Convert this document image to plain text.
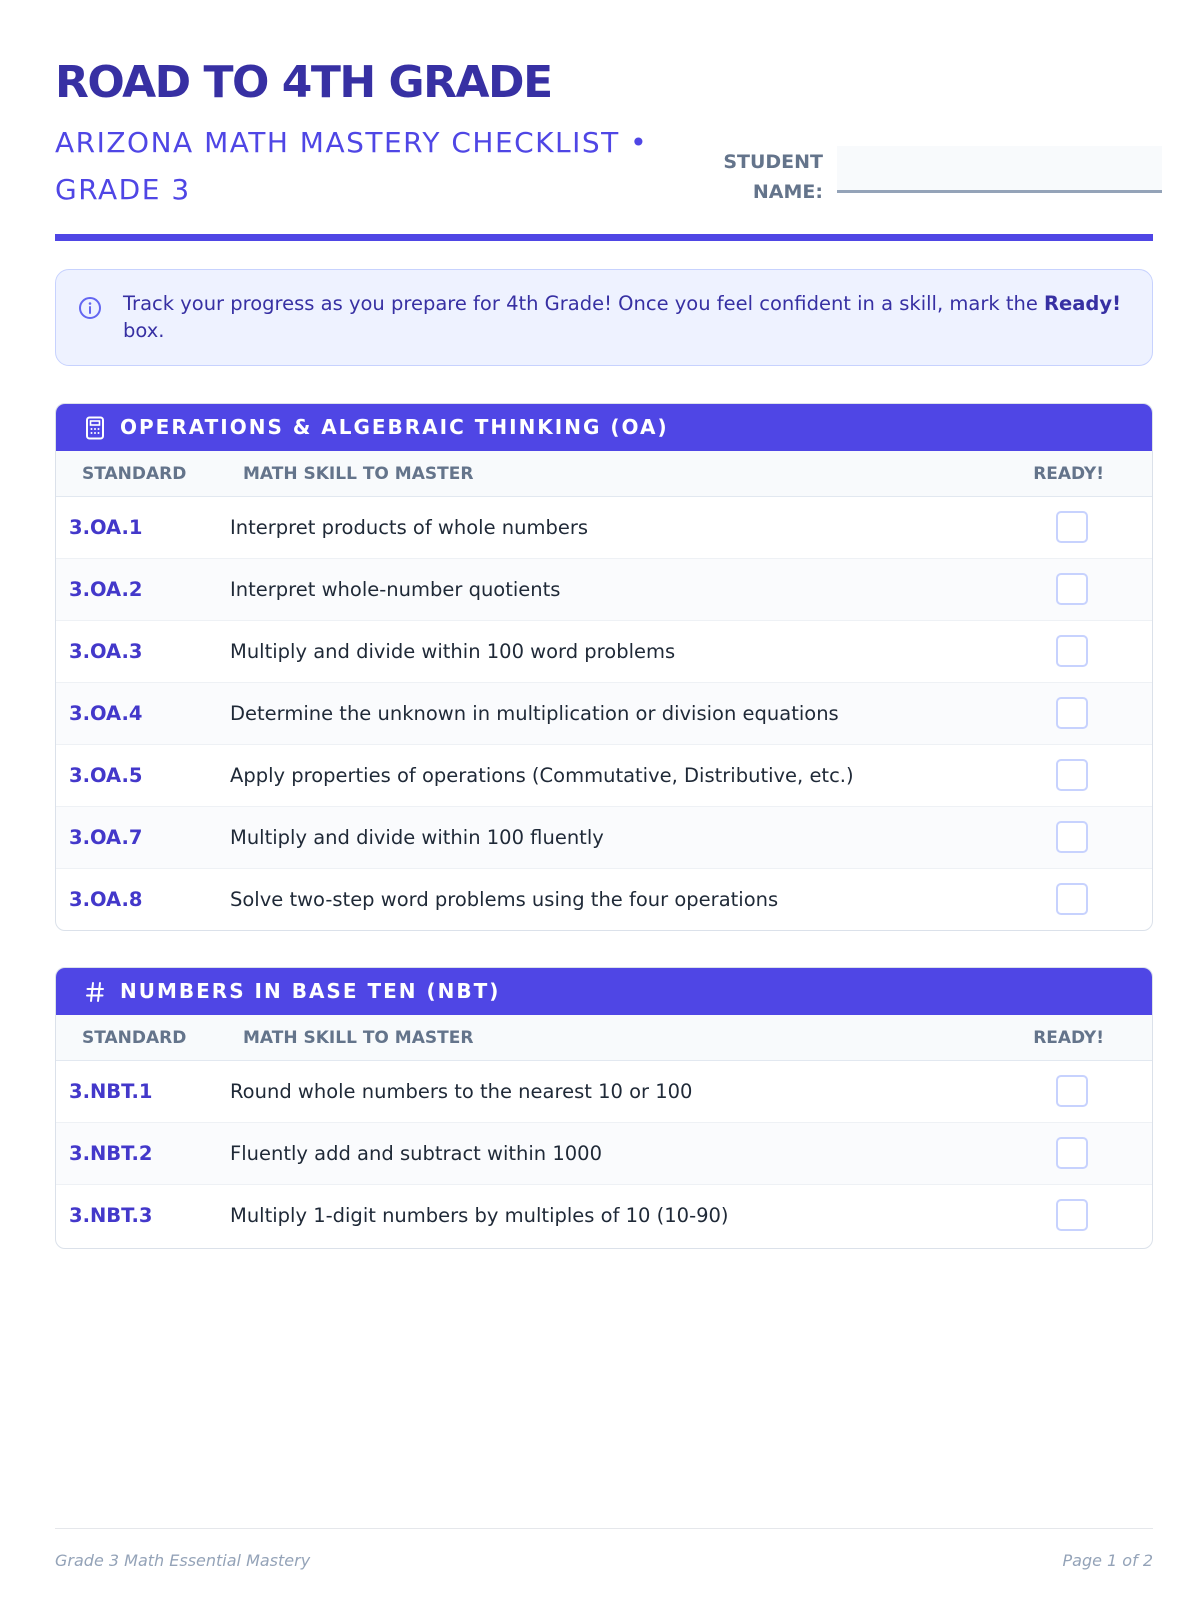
ROAD TO 4TH GRADE
ARIZONA MATH MASTERY CHECKLIST • GRADE 3
STUDENT NAME:
Track your progress as you prepare for 4th Grade! Once you feel confident in a skill, mark the Ready! box.
OPERATIONS & ALGEBRAIC THINKING (OA)
STANDARD	MATH SKILL TO MASTER	READY!
3.OA.1	Interpret products of whole numbers
3.OA.2	Interpret whole-number quotients
3.OA.3	Multiply and divide within 100 word problems
3.OA.4	Determine the unknown in multiplication or division equations
3.OA.5	Apply properties of operations (Commutative, Distributive, etc.)
3.OA.7	Multiply and divide within 100 fluently
3.OA.8	Solve two-step word problems using the four operations
NUMBERS IN BASE TEN (NBT)
STANDARD	MATH SKILL TO MASTER	READY!
3.NBT.1	Round whole numbers to the nearest 10 or 100
3.NBT.2	Fluently add and subtract within 1000
3.NBT.3	Multiply 1-digit numbers by multiples of 10 (10-90)
Grade 3 Math Essential Mastery	Page 1 of 2
